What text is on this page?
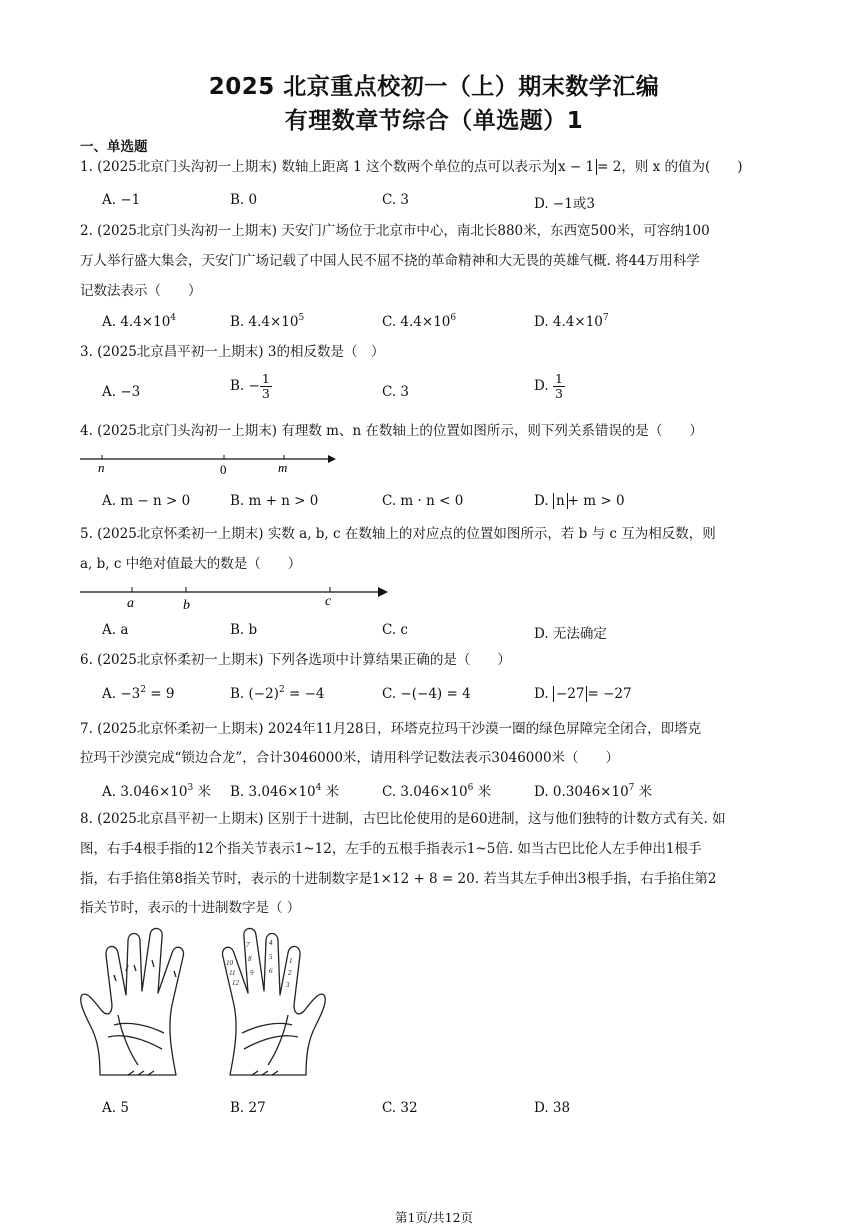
2025 北京重点校初一（上）期末数学汇编
有理数章节综合（单选题）1
一、单选题
1. (2025北京门头沟初一上期末) 数轴上距离 1 这个数两个单位的点可以表示为 x − 1 = 2，则 x 的值为(　　)
A. −1	B. 0	C. 3	D. −1或3
2. (2025北京门头沟初一上期末) 天安门广场位于北京市中心，南北长880米，东西宽500米，可容纳100
万人举行盛大集会，天安门广场记载了中国人民不屈不挠的革命精神和大无畏的英雄气概. 将44万用科学
记数法表示（　　）
A. $4.4\times 10^4$	B. $4.4\times 10^5$	C. $4.4\times 10^6$	D. $4.4\times 10^7$
3. (2025北京昌平初一上期末) 3的相反数是（　）
A. −3	B. − $\frac{1}{3}$	C. 3	D. $\frac{1}{3}$
4. (2025北京门头沟初一上期末) 有理数 m、n 在数轴上的位置如图所示，则下列关系错误的是（　　）
n	0	m
A. m − n > 0	B. m + n > 0	C. m · n < 0	D. n + m > 0
5. (2025北京怀柔初一上期末) 实数 a, b, c 在数轴上的对应点的位置如图所示，若 b 与 c 互为相反数，则
a, b, c 中绝对值最大的数是（　　）
a	b	c
A. a	B. b	C. c	D. 无法确定
6. (2025北京怀柔初一上期末) 下列各选项中计算结果正确的是（　　）
A. $-3^2 = 9$	B. $(-2)^2 = -4$	C. −(−4) = 4	D. −27 = −27
7. (2025北京怀柔初一上期末) 2024年11月28日，环塔克拉玛干沙漠一圈的绿色屏障完全闭合，即塔克
拉玛干沙漠完成“锁边合龙”，合计3046000米，请用科学记数法表示3046000米（　　）
A. $3.046\times 10^3$ 米 B. $3.046\times 10^4$ 米	C. $3.046\times 10^6$ 米	D. $0.3046\times 10^7$ 米
8. (2025北京昌平初一上期末) 区别于十进制，古巴比伦使用的是60进制，这与他们独特的计数方式有关. 如
图，右手4根手指的12个指关节表示1~12，左手的五根手指表示1~5倍. 如当古巴比伦人左手伸出1根手
指，右手掐住第8指关节时，表示的十进制数字是1×12 + 8 = 20. 若当其左手伸出3根手指，右手掐住第2
指关节时，表示的十进制数字是（ ）
10
11
12
7
8
9
4
5
6
1
2
3
A. 5	B. 27	C. 32	D. 38
第1页/共12页
